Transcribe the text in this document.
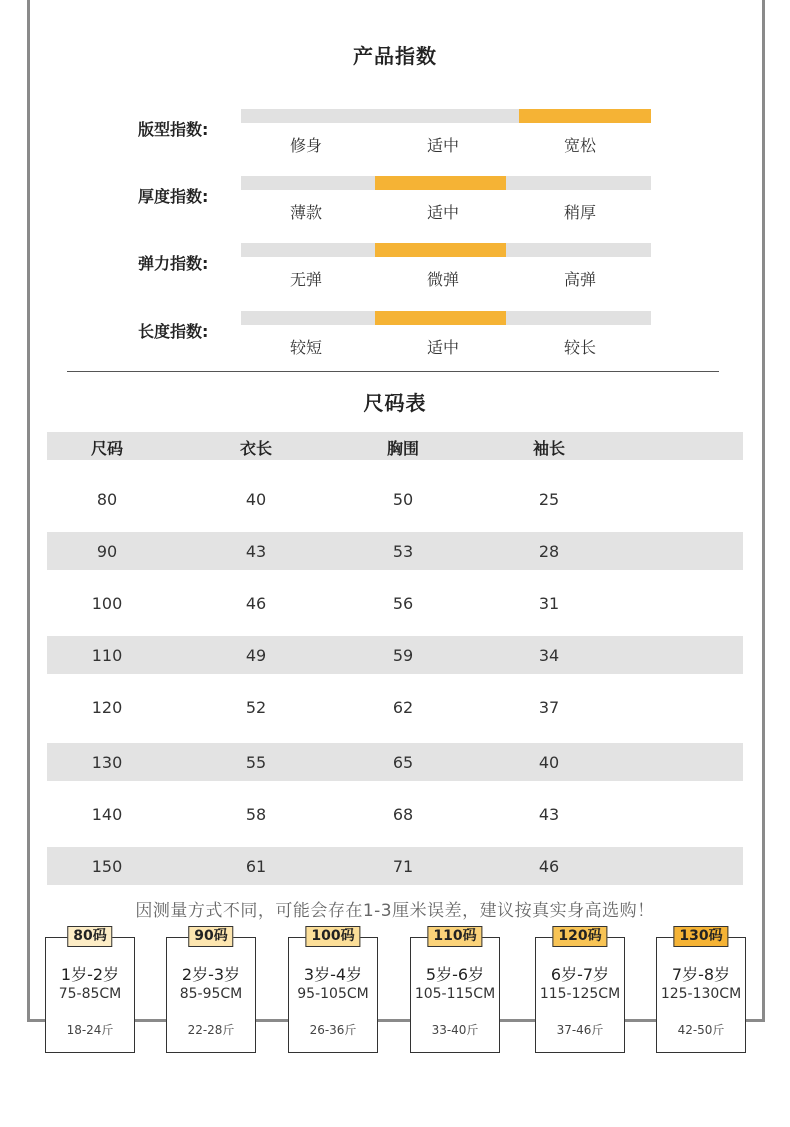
产品指数
版型指数:
修身	适中	宽松
厚度指数:
薄款	适中	稍厚
弹力指数:
无弹	微弹	高弹
长度指数:
较短	适中	较长
尺码表
尺码	衣长	胸围	袖长
80	40	50	25
90	43	53	28
100	46	56	31
110	49	59	34
120	52	62	37
130	55	65	40
140	58	68	43
150	61	71	46
因测量方式不同，可能会存在1-3厘米误差，建议按真实身高选购！
80码
1岁-2岁
75-85CM
18-24斤
90码
2岁-3岁
85-95CM
22-28斤
100码
3岁-4岁
95-105CM
26-36斤
110码
5岁-6岁
105-115CM
33-40斤
120码
6岁-7岁
115-125CM
37-46斤
130码
7岁-8岁
125-130CM
42-50斤
